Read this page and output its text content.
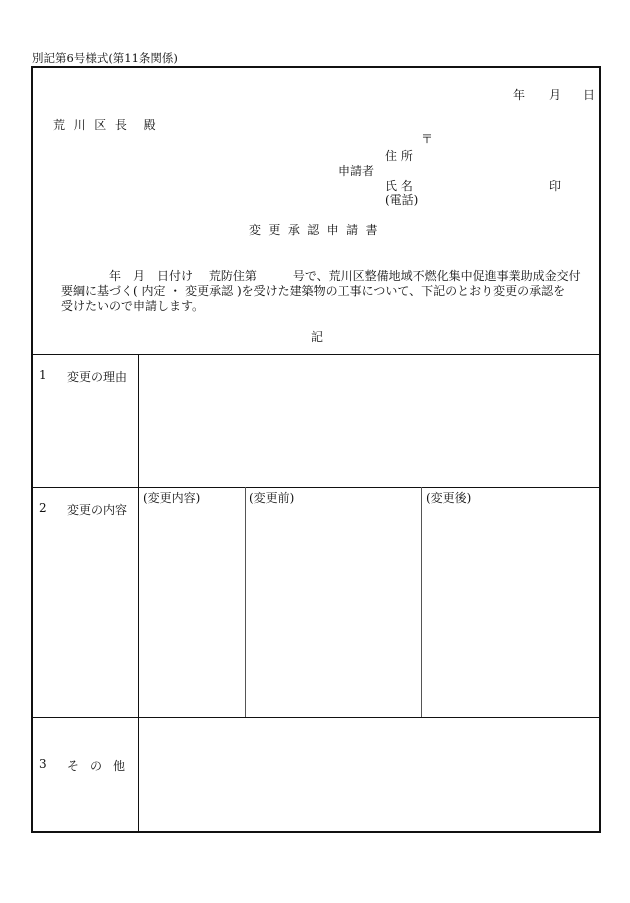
別記第6号様式(第11条関係)
年 月 日
荒 川 区 長　殿
〒
住 所
申請者
氏 名	印
(電話)
変 更 承 認 申 請 書
年　月　日付け　 荒防住第　　　号で、荒川区整備地域不燃化集中促進事業助成金交付
要綱に基づく( 内定 ・ 変更承認 )を受けた建築物の工事について、下記のとおり変更の承認を
受けたいので申請します。
記
1 変更の理由
2 変更の内容
(変更内容)	(変更前)	(変更後)
3 そ の 他
